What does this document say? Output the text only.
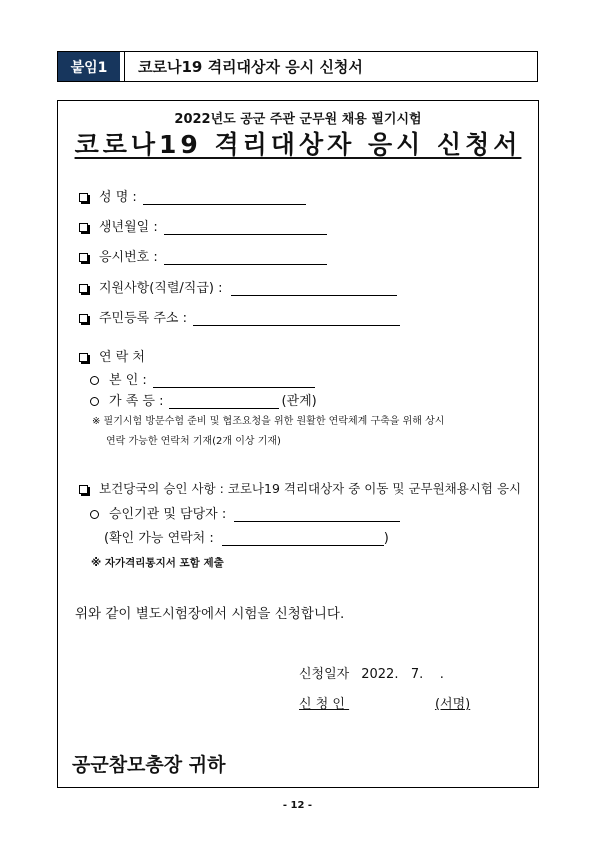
붙임1	코로나19 격리대상자 응시 신청서
2022년도 공군 주관 군무원 채용 필기시험
코로나19 격리대상자 응시 신청서
성 명 :
생년월일 :
응시번호 :
지원사항(직렬/직급) :
주민등록 주소 :
연 락 처
본 인 :
가 족 등 :	(관계)
※ 필기시험 방문수험 준비 및 협조요청을 위한 원활한 연락체계 구축을 위해 상시
연락 가능한 연락처 기재(2개 이상 기재)
보건당국의 승인 사항 : 코로나19 격리대상자 중 이동 및 군무원채용시험 응시
승인기관 및 담당자 :
(확인 가능 연락처 :	)
※ 자가격리통지서 포함 제출
위와 같이 별도시험장에서 시험을 신청합니다.
신청일자 2022.   7.    .
신 청 인
	(서명)
공군참모총장 귀하
- 12 -
